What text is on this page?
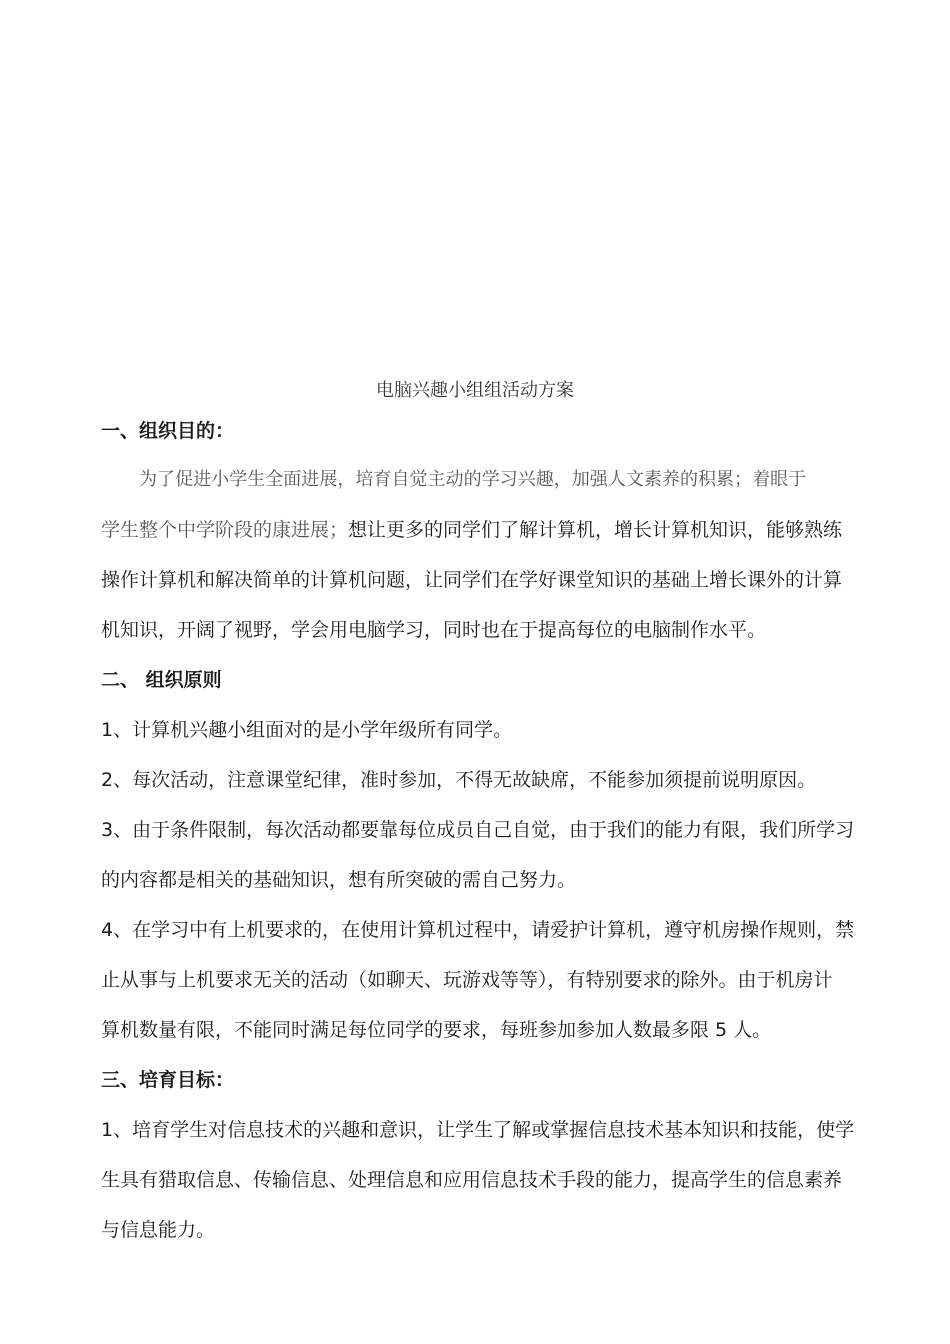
电脑兴趣小组组活动方案
一、组织目的：
为了促进小学生全面进展，培育自觉主动的学习兴趣，加强人文素养的积累；着眼于
学生整个中学阶段的康进展；想让更多的同学们了解计算机，增长计算机知识，能够熟练
操作计算机和解决简单的计算机问题，让同学们在学好课堂知识的基础上增长课外的计算
机知识，开阔了视野，学会用电脑学习，同时也在于提高每位的电脑制作水平。
二、 组织原则
1、计算机兴趣小组面对的是小学年级所有同学。
2、每次活动，注意课堂纪律，准时参加，不得无故缺席，不能参加须提前说明原因。
3、由于条件限制，每次活动都要靠每位成员自己自觉，由于我们的能力有限，我们所学习
的内容都是相关的基础知识，想有所突破的需自己努力。
4、在学习中有上机要求的，在使用计算机过程中，请爱护计算机，遵守机房操作规则，禁
止从事与上机要求无关的活动（如聊天、玩游戏等等），有特别要求的除外。由于机房计
算机数量有限，不能同时满足每位同学的要求，每班参加参加人数最多限 5 人。
三、培育目标：
1、培育学生对信息技术的兴趣和意识，让学生了解或掌握信息技术基本知识和技能，使学
生具有猎取信息、传输信息、处理信息和应用信息技术手段的能力，提高学生的信息素养
与信息能力。
